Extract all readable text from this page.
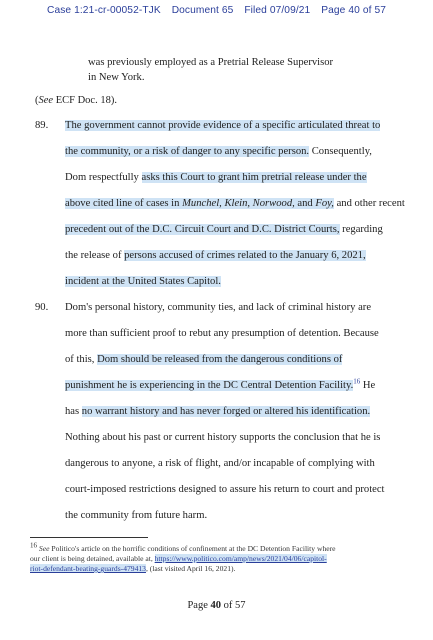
Case 1:21-cr-00052-TJK Document 65 Filed 07/09/21 Page 40 of 57
was previously employed as a Pretrial Release Supervisor
in New York.
(See ECF Doc. 18).
89. The government cannot provide evidence of a specific articulated threat to
the community, or a risk of danger to any specific person. Consequently,
Dom respectfully asks this Court to grant him pretrial release under the
above cited line of cases in Munchel, Klein, Norwood, and Foy, and other recent
precedent out of the D.C. Circuit Court and D.C. District Courts, regarding
the release of persons accused of crimes related to the January 6, 2021,
incident at the United States Capitol.
90. Dom's personal history, community ties, and lack of criminal history are
more than sufficient proof to rebut any presumption of detention. Because
of this, Dom should be released from the dangerous conditions of
punishment he is experiencing in the DC Central Detention Facility.$^{16}$ He
has no warrant history and has never forged or altered his identification.
Nothing about his past or current history supports the conclusion that he is
dangerous to anyone, a risk of flight, and/or incapable of complying with
court-imposed restrictions designed to assure his return to court and protect
the community from future harm.
$^{16}$ See Politico's article on the horrific conditions of confinement at the DC Detention Facility where
our client is being detained, available at, https://www.politico.com/amp/news/2021/04/06/capitol-
riot-defendant-beating-guards-479413, (last visited April 16, 2021).
Page 40 of 57
